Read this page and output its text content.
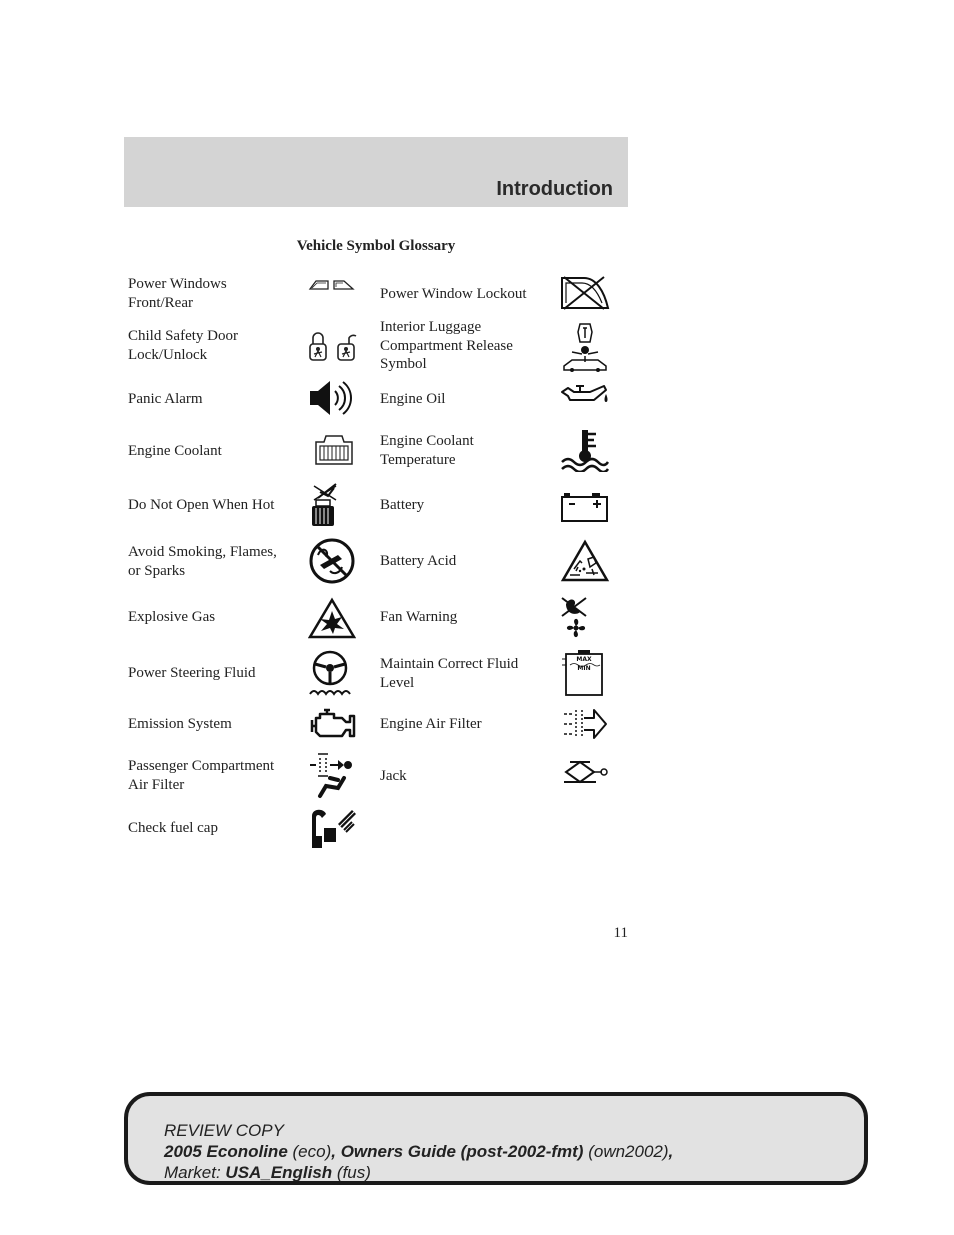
Introduction
Vehicle Symbol Glossary
Power Windows
Front/Rear
Child Safety Door
Lock/Unlock
Panic Alarm
Engine Coolant
Do Not Open When Hot
Avoid Smoking, Flames,
or Sparks
Explosive Gas
Power Steering Fluid
Emission System
Passenger Compartment
Air Filter
Check fuel cap
Power Window Lockout
Interior Luggage
Compartment Release
Symbol
Engine Oil
Engine Coolant
Temperature
Battery
Battery Acid
Fan Warning
Maintain Correct Fluid
Level
MAX
MIN
Engine Air Filter
Jack
11
REVIEW COPY
2005 Econoline (eco), Owners Guide (post-2002-fmt) (own2002),
Market: USA_English (fus)
